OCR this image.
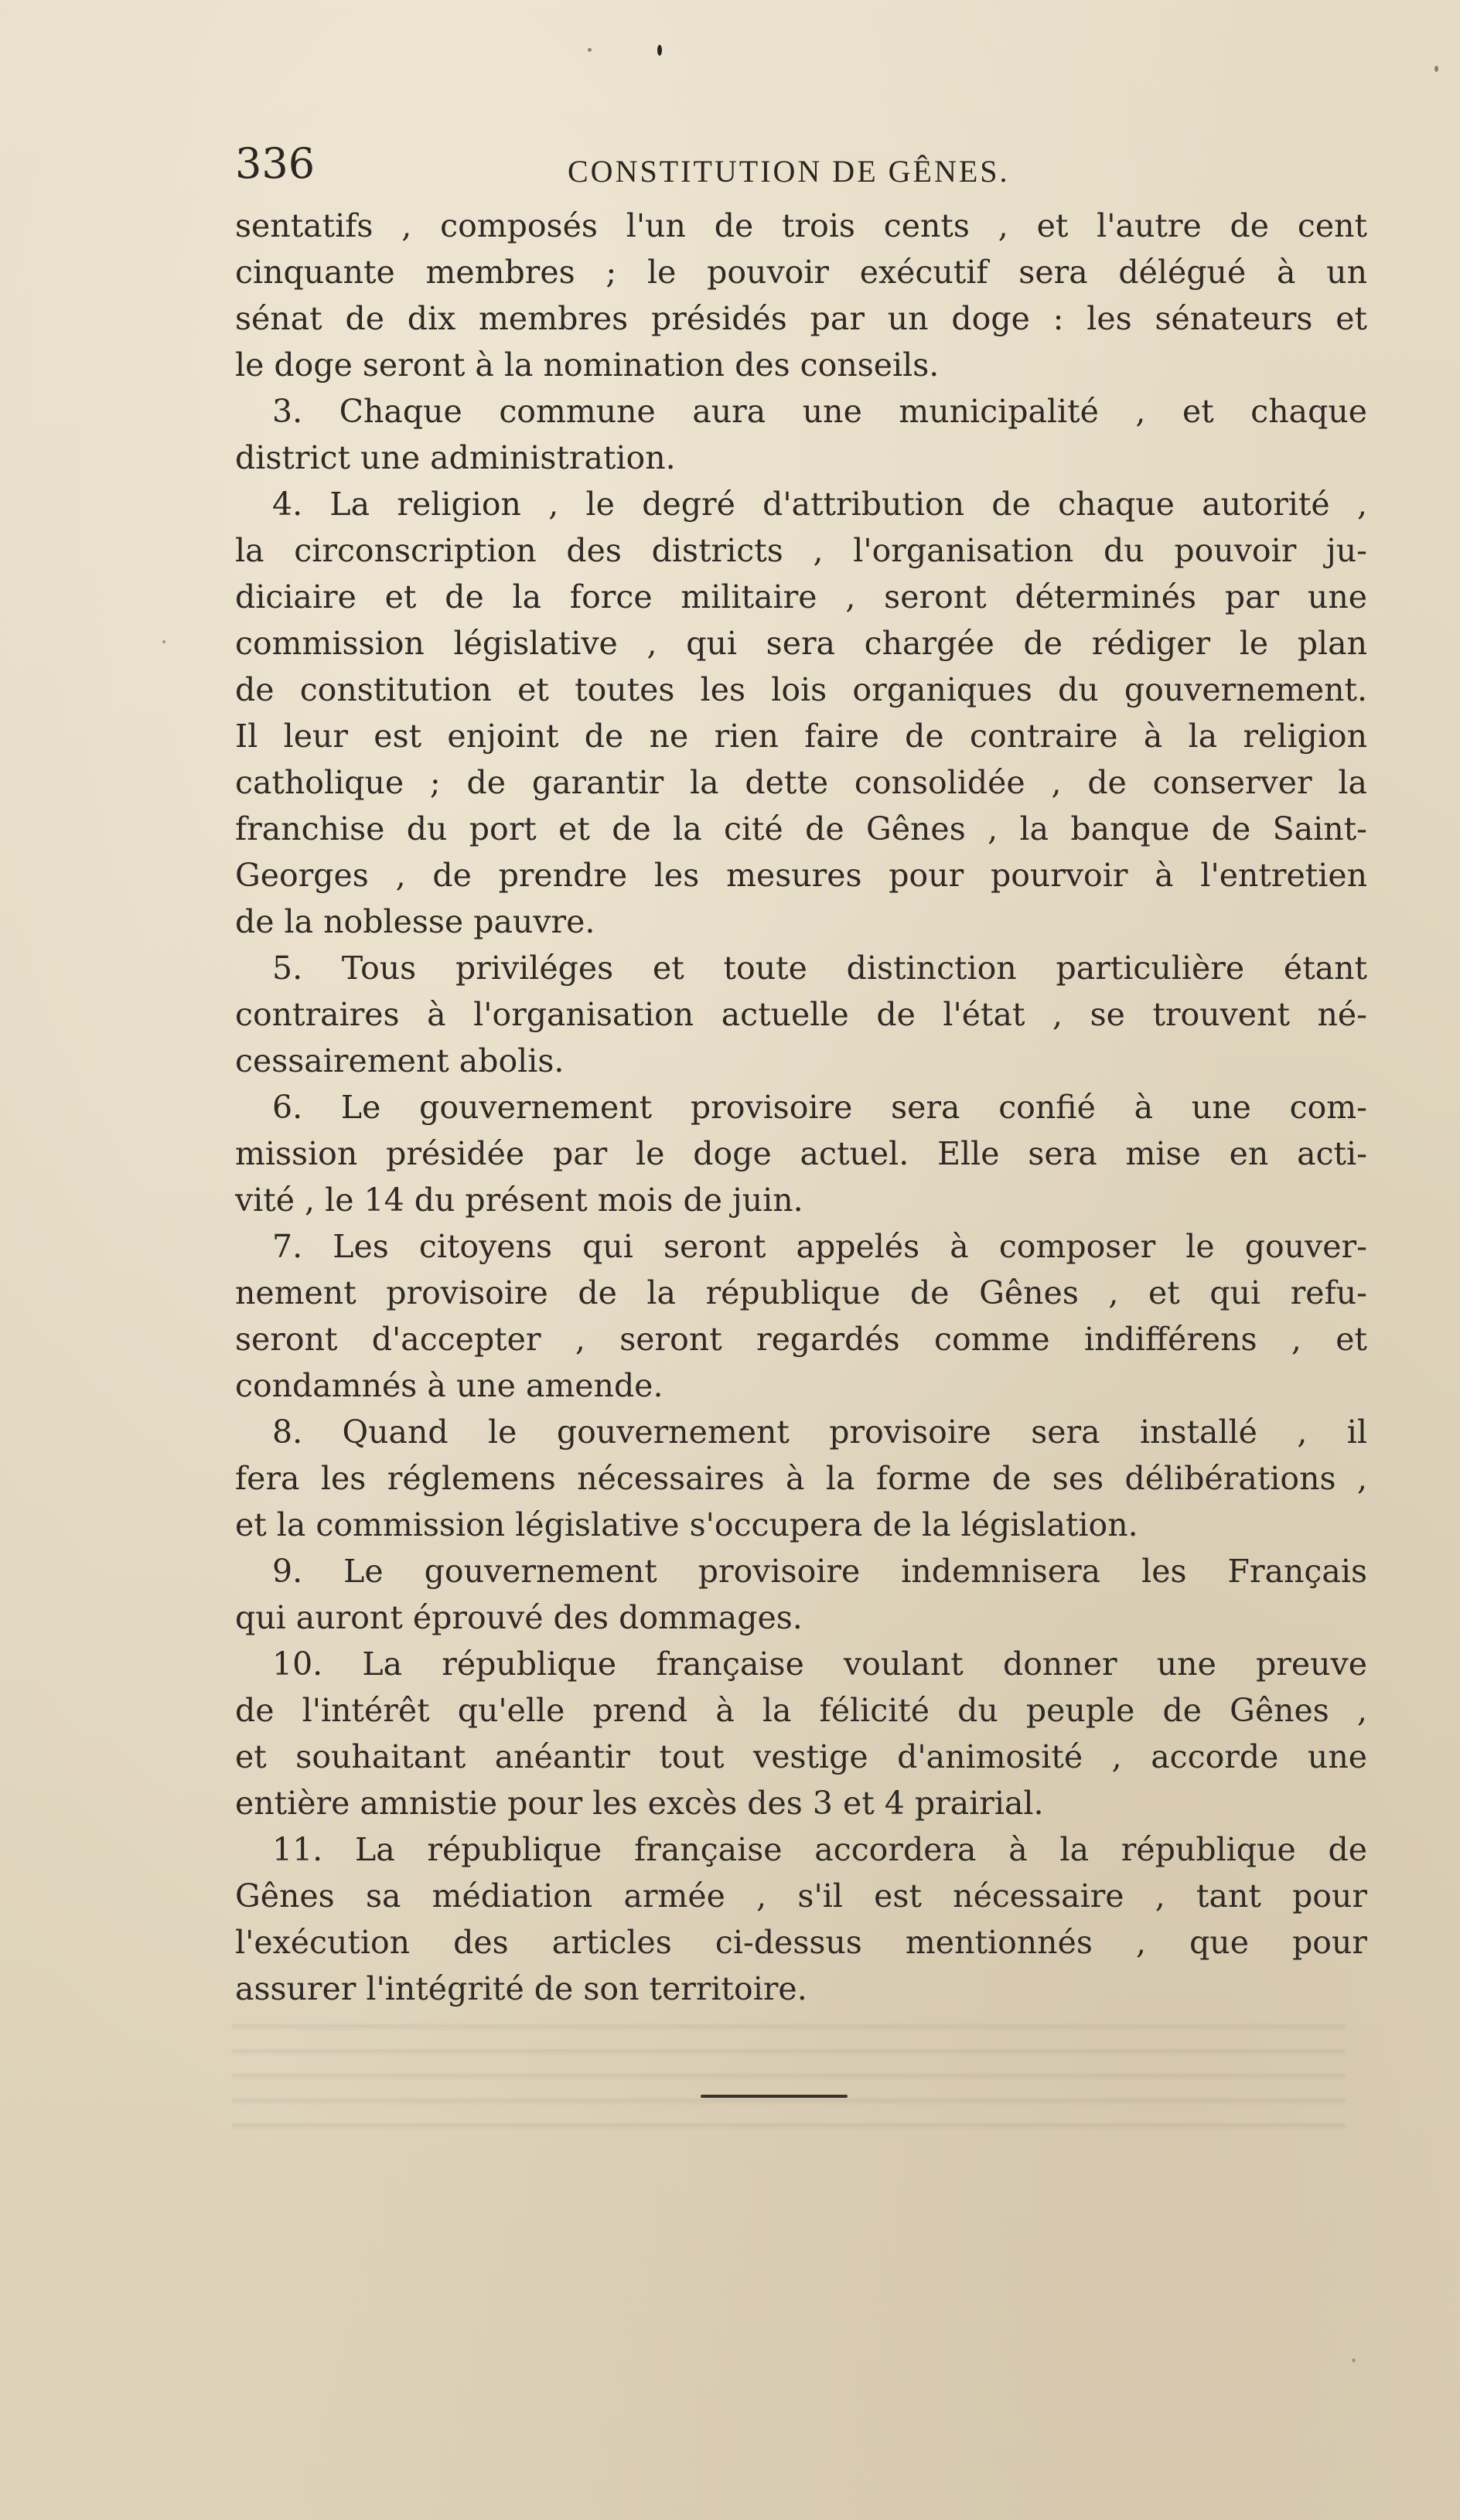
336	CONSTITUTION DE GÊNES.
sentatifs , composés l'un de trois cents , et l'autre de cent
cinquante membres ; le pouvoir exécutif sera délégué à un
sénat de dix membres présidés par un doge : les sénateurs et
le doge seront à la nomination des conseils.
3. Chaque commune aura une municipalité , et chaque
district une administration.
4. La religion , le degré d'attribution de chaque autorité ,
la circonscription des districts , l'organisation du pouvoir ju-
diciaire et de la force militaire , seront déterminés par une
commission législative , qui sera chargée de rédiger le plan
de constitution et toutes les lois organiques du gouvernement.
Il leur est enjoint de ne rien faire de contraire à la religion
catholique ; de garantir la dette consolidée , de conserver la
franchise du port et de la cité de Gênes , la banque de Saint-
Georges , de prendre les mesures pour pourvoir à l'entretien
de la noblesse pauvre.
5. Tous priviléges et toute distinction particulière étant
contraires à l'organisation actuelle de l'état , se trouvent né-
cessairement abolis.
6. Le gouvernement provisoire sera confié à une com-
mission présidée par le doge actuel. Elle sera mise en acti-
vité , le 14 du présent mois de juin.
7. Les citoyens qui seront appelés à composer le gouver-
nement provisoire de la république de Gênes , et qui refu-
seront d'accepter , seront regardés comme indifférens , et
condamnés à une amende.
8. Quand le gouvernement provisoire sera installé , il
fera les réglemens nécessaires à la forme de ses délibérations ,
et la commission législative s'occupera de la législation.
9. Le gouvernement provisoire indemnisera les Français
qui auront éprouvé des dommages.
10. La république française voulant donner une preuve
de l'intérêt qu'elle prend à la félicité du peuple de Gênes ,
et souhaitant anéantir tout vestige d'animosité , accorde une
entière amnistie pour les excès des 3 et 4 prairial.
11. La république française accordera à la république de
Gênes sa médiation armée , s'il est nécessaire , tant pour
l'exécution des articles ci-dessus mentionnés , que pour
assurer l'intégrité de son territoire.
